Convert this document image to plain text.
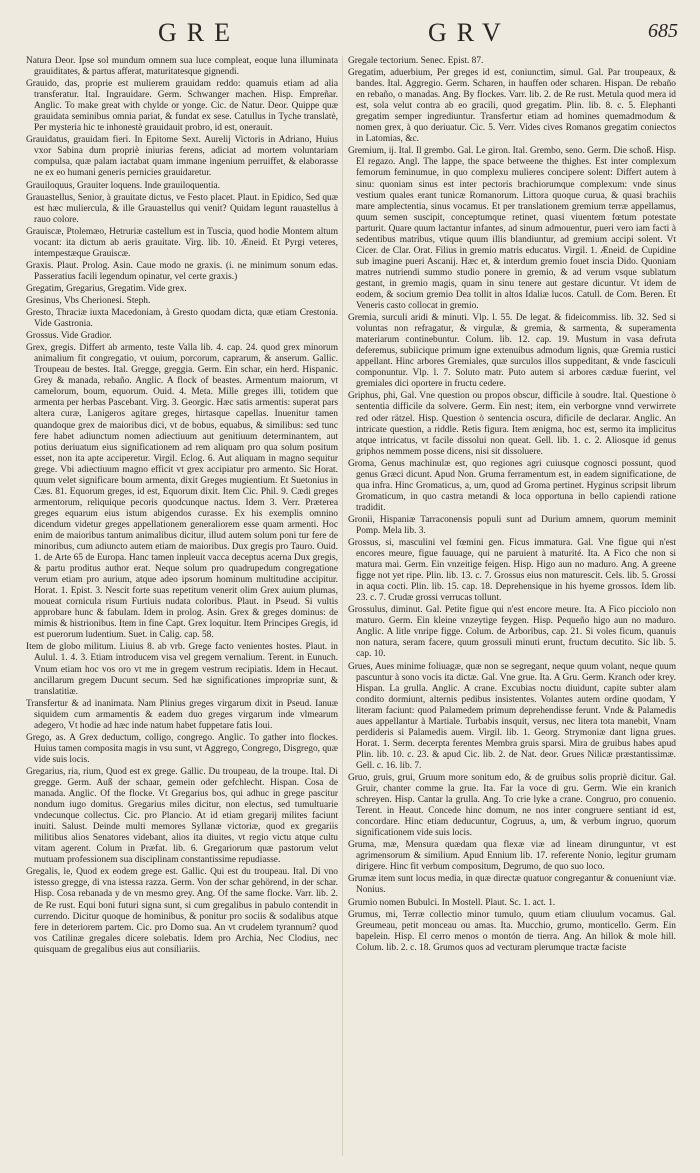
GRE	GRV	685

Natura Deor. Ipse sol mundum omnem sua luce compleat, eoque luna illuminata grauiditates, & partus afferat, maturitatesque gignendi.

Grauido, das, proprie est mulierem grauidam reddo: quamuis etiam ad alia transferatur. Ital. Ingrauidare. Germ. Schwanger machen. Hisp. Empreñar. Anglic. To make great with chylde or yonge. Cic. de Natur. Deor. Quippe quæ grauidata seminibus omnia pariat, & fundat ex sese. Catullus in Tyche translatè, Per mysteria hic te inhonestè grauidauit probro, id est, onerauit.

Grauidatus, grauidam fieri. In Epitome Sext. Aurelij Victoris in Adriano, Huius vxor Sabina dum propriè iniurias ferens, adiciat ad mortem voluntariam compulsa, quæ palam iactabat quam immane ingenium perruiffet, & elaborasse ne ex eo humani generis pernicies grauidaretur.

Grauiloquus, Grauiter loquens. Inde grauiloquentia.

Grauastellus, Senior, à grauitate dictus, ve Festo placet. Plaut. in Epidico, Sed quæ est hæc muliercula, & ille Grauastellus qui venit? Quidam legunt rauastellus à rauo colore.

Grauiscæ, Ptolemæo, Hetruriæ castellum est in Tuscia, quod hodie Montem altum vocant: ita dictum ab aeris grauitate. Virg. lib. 10. Æneid. Et Pyrgi veteres, intempestæque Grauiscæ.

Graxis. Plaut. Prolog. Asin. Caue modo ne graxis. (i. ne minimum sonum edas. Passeratius facili legendum opinatur, vel certe graxis.)

Gregatim, Gregarius, Gregatim. Vide grex.

Gresinus, Vbs Cherionesi. Steph.

Gresto, Thraciæ iuxta Macedoniam, à Gresto quodam dicta, quæ etiam Crestonia. Vide Gastronia.

Grossus. Vide Gradior.

Grex, gregis. Differt ab armento, teste Valla lib. 4. cap. 24. quod grex minorum animalium fit congregatio, vt ouium, porcorum, caprarum, & anserum. Gallic. Troupeau de bestes. Ital. Gregge, greggia. Germ. Ein schar, ein herd. Hispanic. Grey & manada, rebaño. Anglic. A flock of beastes. Armentum maiorum, vt camelorum, boum, equorum. Ouid. 4. Meta. Mille greges illi, totidem que armenta per herbas Pascebant. Virg. 3. Georgic. Hæc satis armentis: superat pars altera curæ, Lanigeros agitare greges, hirtasque capellas. Inuenitur tamen quandoque grex de maioribus dici, vt de bobus, equabus, & similibus: sed tunc fere habet adiunctum nomen adiectiuum aut genitiuum determinantem, aut potius deriuatum eius significationem ad rem aliquam pro qua solum positum esset, non ita apte acciperetur. Virgil. Eclog. 6. Aut aliquam in magno sequitur grege. Vbi adiectiuum magno efficit vt grex accipiatur pro armento. Sic Horat. quum velet significare boum armenta, dixit Greges mugientium. Et Suetonius in Cæs. 81. Equorum greges, id est, Equorum dixit. Item Cic. Phil. 9. Cædi greges armentorum, reliquique pecoris quodcunque nactus. Idem 3. Verr. Præterea greges equarum eius istum abigendos curasse. Ex his exemplis omnino dicendum videtur greges appellationem generaliorem esse quam armenti. Hoc enim de maioribus tantum animalibus dicitur, illud autem solum poni tur fere de minoribus, cum adiuncto autem etiam de maioribus. Dux gregis pro Tauro. Ouid. 1. de Arte 65 de Europa. Hanc tamen inpleuit vacca deceptus acerna Dux gregis, & partu proditus author erat. Neque solum pro quadrupedum congregatione verum etiam pro aurium, atque adeo ipsorum hominum multitudine accipitur. Horat. 1. Epist. 3. Nescit forte suas repetitum venerit olim Grex auium plumas, moueat cornicula risum Furtiuis nudata coloribus. Plaut. in Pseud. Si vultis approbare hunc & fabulam. Idem in prolog. Asin. Grex & greges dominus: de mimis & histrionibus. Item in fine Capt. Grex loquitur. Item Principes Gregis, id est puerorum ludentium. Suet. in Calig. cap. 58.

Item de globo militum. Liuius 8. ab vrb. Grege facto venientes hostes. Plaut. in Aulul. 1. 4. 3. Etiam introducem visa vel gregem vernalium. Terent. in Eunuch. Vnum etiam hoc vos oro vt me in gregem vestrum recipiatis. Idem in Hecaut. ancillarum gregem Ducunt secum. Sed hæ significationes impropriæ sunt, & translatitiæ.

Transfertur & ad inanimata. Nam Plinius greges virgarum dixit in Pseud. Ianuæ siquidem cum armamentis & eadem duo greges virgarum inde vlmearum adegero, Vt hodie ad hæc inde natum habet fuppetare fatis Ioui.

Grego, as. A Grex deductum, colligo, congrego. Anglic. To gather into flockes. Huius tamen composita magis in vsu sunt, vt Aggrego, Congrego, Disgrego, quæ vide suis locis.

Gregarius, ria, rium, Quod est ex grege. Gallic. Du troupeau, de la troupe. Ital. Di gregge. Germ. Auß der schaar, gemein oder gefchlecht. Hispan. Cosa de manada. Anglic. Of the flocke. Vt Gregarius bos, qui adhuc in grege pascitur nondum iugo domitus. Gregarius miles dicitur, non electus, sed tumultuarie vndecunque collectus. Cic. pro Plancio. At id etiam gregarij milites faciunt inuiti. Salust. Deinde multi memores Syllanæ victoriæ, quod ex gregariis militibus alios Senatores videbant, alios ita diuites, vt regio victu atque cultu vitam agerent. Colum in Præfat. lib. 6. Gregariorum quæ pastorum velut mutuam professionem sua disciplinam constantissime repudiasse.

Gregalis, le, Quod ex eodem grege est. Gallic. Qui est du troupeau. Ital. Di vno istesso gregge, di vna istessa razza. Germ. Von der schar gehörend, in der schar. Hisp. Cosa rebanada y de vn mesmo grey. Ang. Of the same flocke. Varr. lib. 2. de Re rust. Equi boni futuri signa sunt, si cum gregalibus in pabulo contendit in currendo. Dicitur quoque de hominibus, & ponitur pro sociis & sodalibus atque fere in deteriorem partem. Cic. pro Domo sua. An vt crudelem tyrannum? quod vos Catilinæ gregales dicere solebatis. Idem pro Archia, Nec Clodius, nec quisquam de gregalibus eius aut consiliariis.

Gregale tectorium. Senec. Epist. 87.

Gregatim, aduerbium, Per greges id est, coniunctim, simul. Gal. Par troupeaux, & bandes. Ital. Aggregio. Germ. Scharen, in hauffen oder scharen. Hispan. De rebaño en rebaño, o manadas. Ang. By flockes. Varr. lib. 2. de Re rust. Metula quod mera id est, sola velut contra ab eo gracili, quod gregatim. Plin. lib. 8. c. 5. Elephanti gregatim semper ingrediuntur. Transfertur etiam ad homines quemadmodum & nomen grex, à quo deriuatur. Cic. 5. Verr. Vides cives Romanos gregatim coniectos in Latomias, &c.

Gremium, ij. Ital. Il grembo. Gal. Le giron. Ital. Grembo, seno. Germ. Die schoß. Hisp. El regazo. Angl. The lappe, the space betweene the thighes. Est inter complexum femorum feminumue, in quo complexu mulieres concipere solent: Differt autem à sinu: quoniam sinus est inter pectoris brachiorumque complexum: vnde sinus vestium quales erant tunicæ Romanorum. Littora quoque curua, & quasi brachiis mare amplectentia, sinus vocamus. Et per translationem gremium terræ appellamus, quum semen suscipit, conceptumque retinet, quasi viuentem fœtum potestate parturit. Quare quum lactantur infantes, ad sinum admouentur, pueri vero iam facti à sedentibus matribus, vtique quum illis blandiuntur, ad gremium accipi solent. Vt Cicer. de Clar. Orat. Filius in gremio matris educatus. Virgil. 1. Æneid. de Cupidine sub imagine pueri Ascanij. Hæc et, & interdum gremio fouet inscia Dido. Quoniam matres nutriendi summo studio ponere in gremio, & ad verum vsque sublatum gestant, in gremio magis, quam in sinu tenere aut gestare dicuntur. Vt idem de eodem, & socium gremio Dea tollit in altos Idaliæ lucos. Catull. de Com. Beren. Et Veneris casto collocat in gremio.

Gremia, surculi aridi & minuti. Vlp. l. 55. De legat. & fideicommiss. lib. 32. Sed si voluntas non refragatur, & virgulæ, & gremia, & sarmenta, & superamenta materiarum continebuntur. Colum. lib. 12. cap. 19. Mustum in vasa defruta deferemus, subiicique primum igne extenuibus admodum lignis, quæ Gremia rustici appellant. Hinc arbores Gremiales, quæ surculos illos suppeditant, & vnde fasciculi componuntur. Vlp. l. 7. Soluto matr. Puto autem si arbores cæduæ fuerint, vel gremiales dici oportere in fructu cedere.

Griphus, phi, Gal. Vne question ou propos obscur, difficile à soudre. Ital. Questione ò sententia difficile da solvere. Germ. Ein nest; item, ein verborgne vnnd verwirrete red oder rätzel. Hisp. Question ò sentencia oscura, dificile de declarar. Anglic. An intricate question, a riddle. Retis figura. Item ænigma, hoc est, sermo ita implicitus atque intricatus, vt facile dissolui non queat. Gell. lib. 1. c. 2. Aliosque id genus griphos nemmem posse dicens, nisi sit dissoluere.

Groma, Genus machinulæ est, quo regiones agri cuiusque cognosci possunt, quod genus Græci dicunt. Apud Non. Gruma ferramentum est, in eadem significatione, de qua infra. Hinc Gromaticus, a, um, quod ad Groma pertinet. Hyginus scripsit librum Gromaticum, in quo castra metandi & loca opportuna in bello capiendi ratione tradidit.

Gronii, Hispaniæ Tarraconensis populi sunt ad Durium amnem, quorum meminit Pomp. Mela lib. 3.

Grossus, si, masculini vel fœmini gen. Ficus immatura. Gal. Vne figue qui n'est encores meure, figue fauuage, qui ne paruient à maturité. Ita. A Fico che non si matura mai. Germ. Ein vnzeitige feigen. Hisp. Higo aun no maduro. Ang. A greene figge not yet ripe. Plin. lib. 13. c. 7. Grossus eius non maturescit. Cels. lib. 5. Grossi in aqua cocti. Plin. lib. 15. cap. 18. Deprehensique in his hyeme grossos. Idem lib. 23. c. 7. Crudæ grossi verrucas tollunt.

Grossulus, diminut. Gal. Petite figue qui n'est encore meure. Ita. A Fico picciolo non maturo. Germ. Ein kleine vnzeytige feygen. Hisp. Pequeño higo aun no maduro. Anglic. A litle vnripe figge. Colum. de Arboribus, cap. 21. Si voles ficum, quanuis non natura, seram facere, quum grossuli minuti erunt, fructum decutito. Sic lib. 5. cap. 10.

Grues, Aues minime foliuagæ, quæ non se segregant, neque quum volant, neque quum pascuntur à sono vocis ita dictæ. Gal. Vne grue. Ita. A Gru. Germ. Kranch oder krey. Hispan. La grulla. Anglic. A crane. Excubias noctu diuidunt, capite subter alam condito dormiunt, alternis pedibus insistentes. Volantes autem ordine quodam, Y literam faciunt: quod Palamedem primum deprehendisse ferunt. Vnde & Palamedis aues appellantur à Martiale. Turbabis insquit, versus, nec litera tota manebit, Vnam perdideris si Palamedis auem. Virgil. lib. 1. Georg. Strymoniæ dant ligna grues. Horat. 1. Serm. decerpta ferentes Membra gruis sparsi. Mira de gruibus habes apud Plin. lib. 10. c. 23. & apud Cic. lib. 2. de Nat. deor. Grues Nilicæ præstantissimæ. Gell. c. 16. lib. 7.

Gruo, gruis, grui, Gruum more sonitum edo, & de gruibus solis propriè dicitur. Gal. Gruir, chanter comme la grue. Ita. Far la voce di gru. Germ. Wie ein kranich schreyen. Hisp. Cantar la grulla. Ang. To crie lyke a crane. Congruo, pro conuenio. Terent. in Heaut. Concede hinc domum, ne nos inter congruere sentiant id est, concordare. Hinc etiam deducuntur, Cogruus, a, um, & verbum ingruo, quorum significationem vide suis locis.

Gruma, mæ, Mensura quædam qua flexæ viæ ad lineam dirunguntur, vt est agrimensorum & similium. Apud Ennium lib. 17. referente Nonio, legitur grumam dirigere. Hinc fit verbum compositum, Degrumo, de quo suo loco.

Grumæ item sunt locus media, in quæ directæ quatuor congregantur & conueniunt viæ. Nonius.

Grumio nomen Bubulci. In Mostell. Plaut. Sc. 1. act. 1.

Grumus, mi, Terræ collectio minor tumulo, quum etiam cliuulum vocamus. Gal. Greumeau, petit monceau ou amas. Ita. Mucchio, grumo, monticello. Germ. Ein bapelein. Hisp. El cerro menos o montón de tierra. Ang. An hillok & mole hill. Colum. lib. 2. c. 18. Grumos quos ad vecturam plerumque tractæ faciste
